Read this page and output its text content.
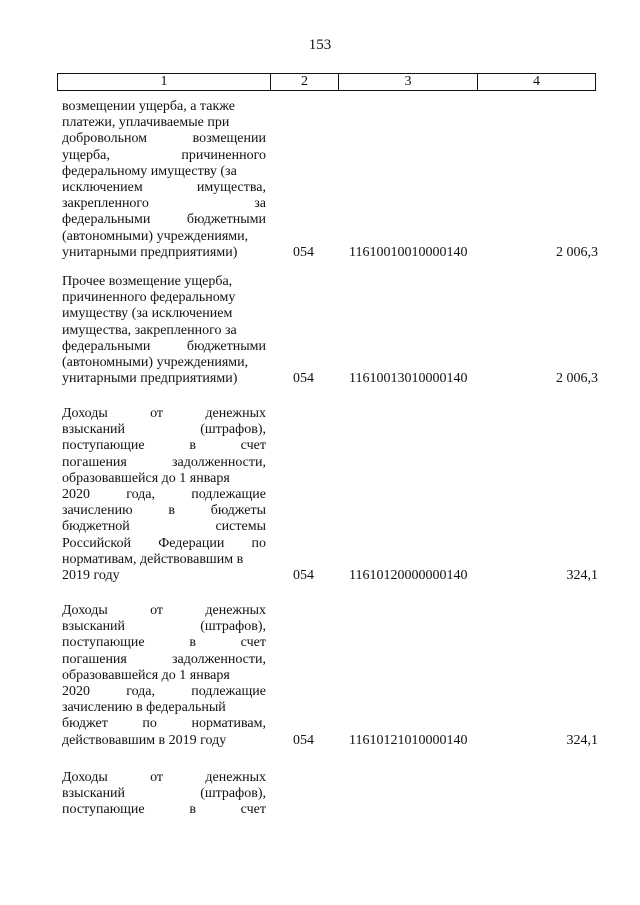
153
1	2	3	4
возмещении ущерба, а также
платежи, уплачиваемые при
добровольном	возмещении
ущерба,	причиненного
федеральному имуществу (за
исключением	имущества,
закрепленного	за
федеральными	бюджетными
(автономными) учреждениями,
унитарными предприятиями)	054	11610010010000140	2 006,3
Прочее возмещение ущерба,
причиненного федеральному
имуществу (за исключением
имущества, закрепленного за
федеральными	бюджетными
(автономными) учреждениями,
унитарными предприятиями)	054	11610013010000140	2 006,3
Доходы	от	денежных
взысканий	(штрафов),
поступающие	в	счет
погашения	задолженности,
образовавшейся до 1 января
2020	года,	подлежащие
зачислению	в	бюджеты
бюджетной	системы
Российской Федерации по
нормативам, действовавшим в
2019 году	054	11610120000000140	324,1
Доходы	от	денежных
взысканий	(штрафов),
поступающие	в	счет
погашения	задолженности,
образовавшейся до 1 января
2020	года,	подлежащие
зачислению в федеральный
бюджет по нормативам,
действовавшим в 2019 году	054	11610121010000140	324,1
Доходы	от	денежных
взысканий	(штрафов),
поступающие	в	счет
